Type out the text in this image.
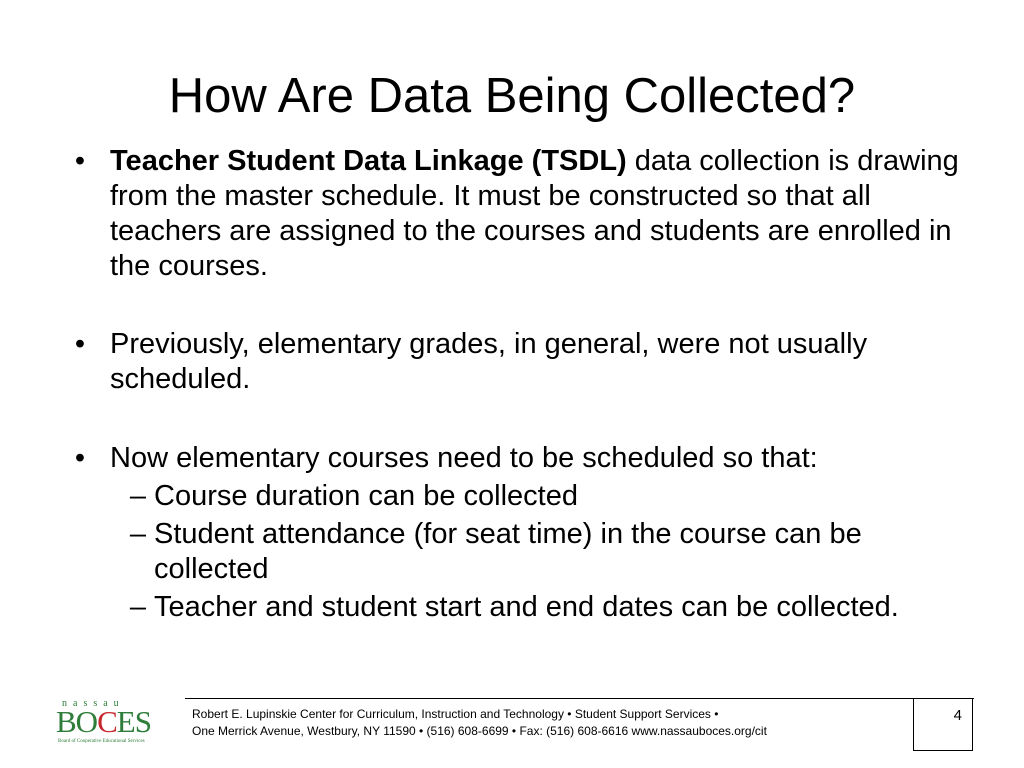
How Are Data Being Collected?
• Teacher Student Data Linkage (TSDL) data collection is drawing from the master schedule. It must be constructed so that all teachers are assigned to the courses and students are enrolled in the courses.
• Previously, elementary grades, in general, were not usually scheduled.
• Now elementary courses need to be scheduled so that:
– Course duration can be collected
– Student attendance (for seat time) in the course can be collected
– Teacher and student start and end dates can be collected.
nassau
BOCES
Board of Cooperative Educational Services
Robert E. Lupinskie Center for Curriculum, Instruction and Technology • Student Support Services •
One Merrick Avenue, Westbury, NY 11590 • (516) 608-6699 • Fax: (516) 608-6616 www.nassauboces.org/cit
4
